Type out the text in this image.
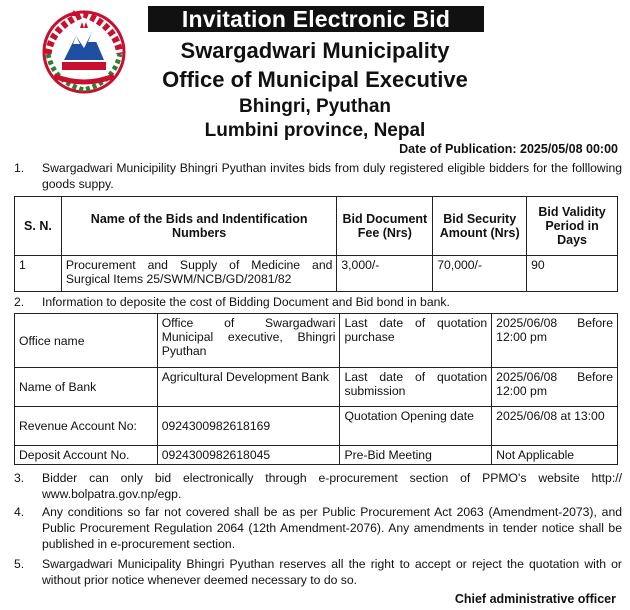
Invitation Electronic Bid
Swargadwari Municipality
Office of Municipal Executive
Bhingri, Pyuthan
Lumbini province, Nepal
Date of Publication: 2025/05/08 00:00
1.	Swargadwari Municipility Bhingri Pyuthan invites bids from duly registered eligible bidders for the folllowing goods suppy.
S. N.	Name of the Bids and Indentification Numbers	Bid Document Fee (Nrs)	Bid Security Amount (Nrs)	Bid Validity Period in Days
1	Procurement and Supply of Medicine and Surgical Items 25/SWM/NCB/GD/2081/82	3,000/-	70,000/-	90
2.	Information to deposite the cost of Bidding Document and Bid bond in bank.
Office name	Office of Swargadwari Municipal executive, Bhingri Pyuthan	Last date of quotation purchase	2025/06/08 Before 12:00 pm
Name of Bank	Agricultural Development Bank	Last date of quotation submission	2025/06/08 Before 12:00 pm
Revenue Account No:	0924300982618169	Quotation Opening date	2025/06/08 at 13:00
Deposit Account No.	0924300982618045	Pre-Bid Meeting	Not Applicable
3.	Bidder can only bid electronically through e-procurement section of PPMO's website http:// www.bolpatra.gov.np/egp.
4.	Any conditions so far not covered shall be as per Public Procurement Act 2063 (Amendment-2073), and Public Procurement Regulation 2064 (12th Amendment-2076). Any amendments in tender notice shall be published in e-procurement section.
5.	Swargadwari Municipality Bhingri Pyuthan reserves all the right to accept or reject the quotation with or without prior notice whenever deemed necessary to do so.
Chief administrative officer
